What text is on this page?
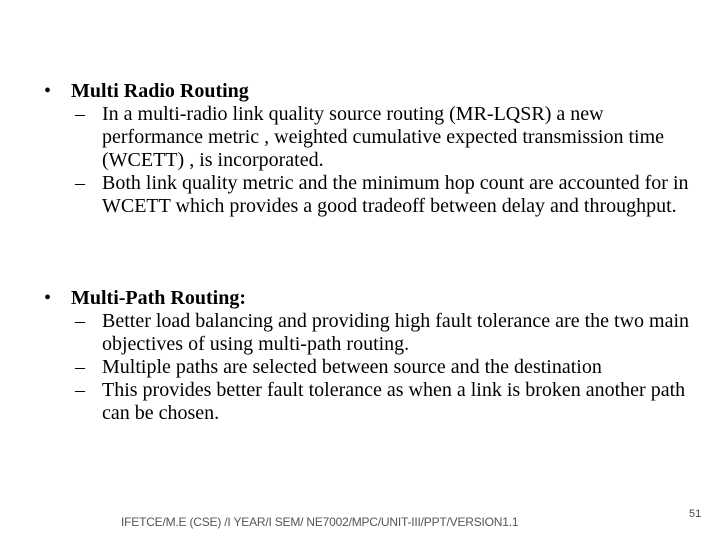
• Multi Radio Routing
– In a multi-radio link quality source routing (MR-LQSR) a new performance metric , weighted cumulative expected transmission time (WCETT) , is incorporated.
– Both link quality metric and the minimum hop count are accounted for in WCETT which provides a good tradeoff between delay and throughput.
• Multi-Path Routing:
– Better load balancing and providing high fault tolerance are the two main objectives of using multi-path routing.
– Multiple paths are selected between source and the destination
– This provides better fault tolerance as when a link is broken another path can be chosen.
IFETCE/M.E (CSE) /I YEAR/I SEM/ NE7002/MPC/UNIT-III/PPT/VERSION1.1
51
